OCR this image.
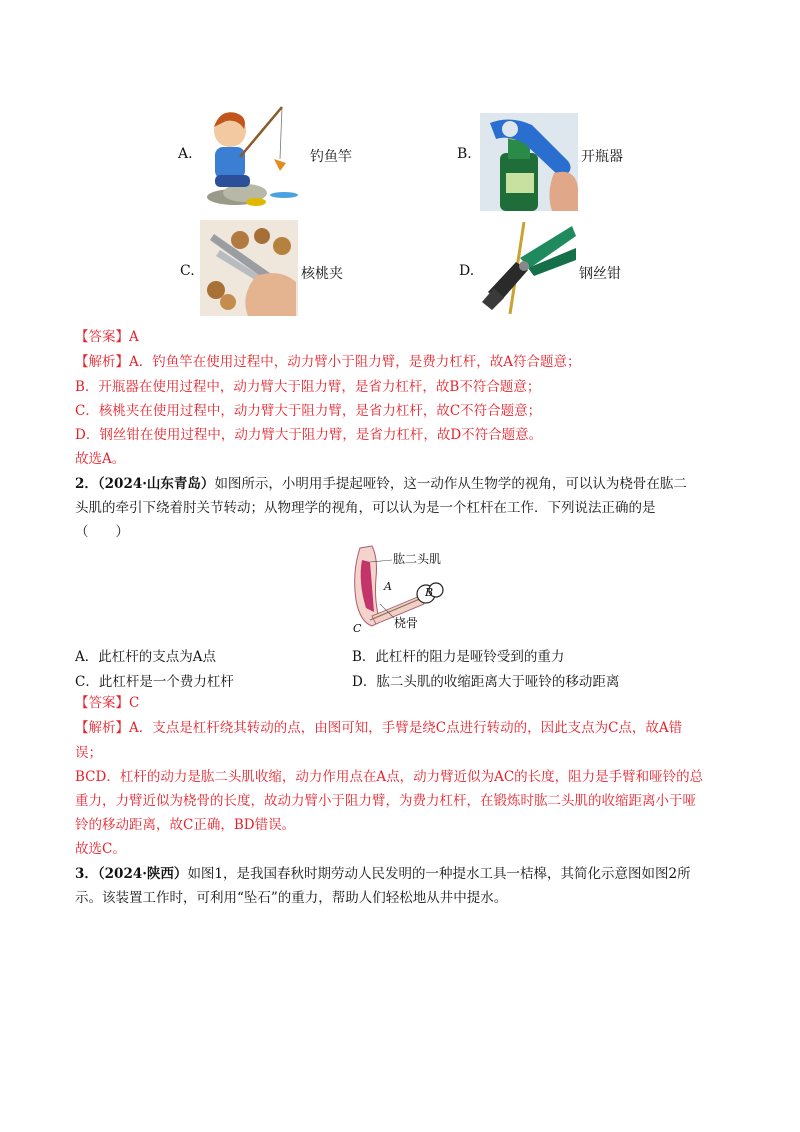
A.	钓鱼竿	B.	开瓶器
C.	核桃夹	D.	钢丝钳
【答案】A
【解析】A．钓鱼竿在使用过程中，动力臂小于阻力臂，是费力杠杆，故A符合题意；
B．开瓶器在使用过程中，动力臂大于阻力臂，是省力杠杆，故B不符合题意；
C．核桃夹在使用过程中，动力臂大于阻力臂，是省力杠杆，故C不符合题意；
D．钢丝钳在使用过程中，动力臂大于阻力臂，是省力杠杆，故D不符合题意。
故选A。
2．（2024·山东青岛）如图所示，小明用手提起哑铃，这一动作从生物学的视角，可以认为桡骨在肱二
头肌的牵引下绕着肘关节转动；从物理学的视角，可以认为是一个杠杆在工作．下列说法正确的是
（　　）
肱二头肌
桡骨
A	B
C
A．此杠杆的支点为A点	B．此杠杆的阻力是哑铃受到的重力
C．此杠杆是一个费力杠杆	D．肱二头肌的收缩距离大于哑铃的移动距离
【答案】C
【解析】A．支点是杠杆绕其转动的点，由图可知，手臂是绕C点进行转动的，因此支点为C点，故A错
误；
BCD．杠杆的动力是肱二头肌收缩，动力作用点在A点，动力臂近似为AC的长度，阻力是手臂和哑铃的总
重力，力臂近似为桡骨的长度，故动力臂小于阻力臂，为费力杠杆，在锻炼时肱二头肌的收缩距离小于哑
铃的移动距离，故C正确，BD错误。
故选C。
3．（2024·陕西）如图1，是我国春秋时期劳动人民发明的一种提水工具一桔槔，其简化示意图如图2所
示。该装置工作时，可利用“坠石”的重力，帮助人们轻松地从井中提水。
